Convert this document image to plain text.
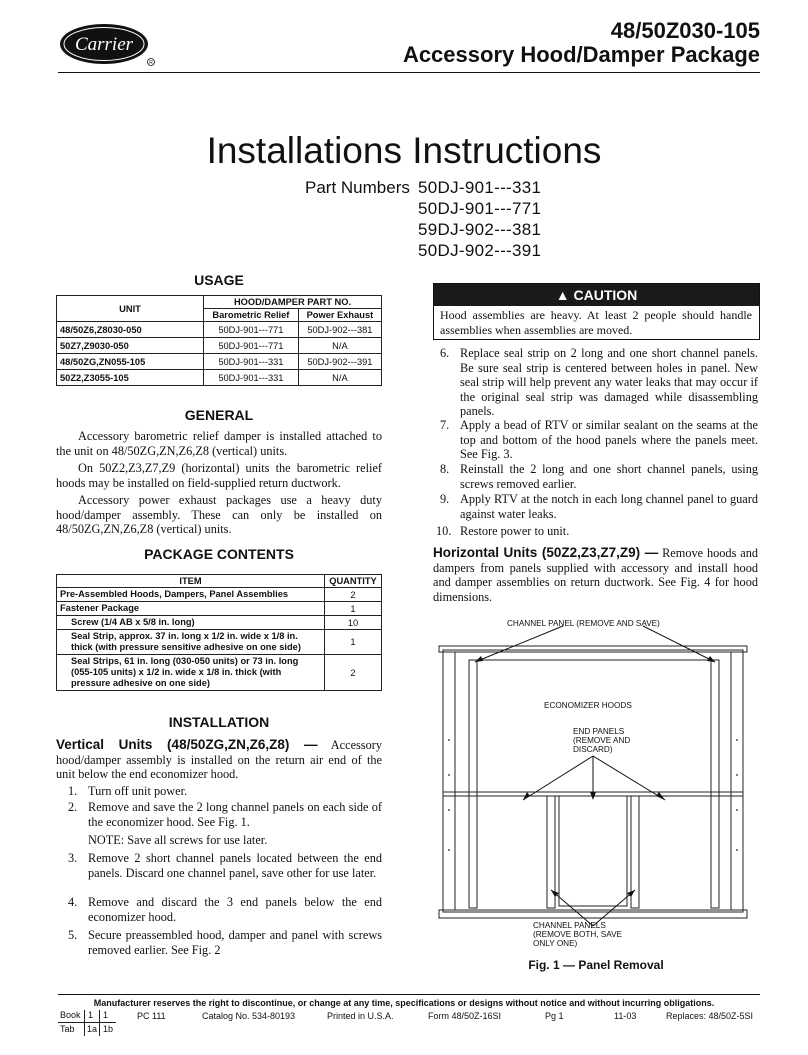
Carrier
R
48/50Z030-105
Accessory Hood/Damper Package
Installations Instructions
Part Numbers 50DJ-901---331
50DJ-901---771
59DJ-902---381
50DJ-902---391
USAGE
UNIT	HOOD/DAMPER PART NO.	
	Barometric Relief	Power Exhaust
48/50Z6,Z8030-050	50DJ-901---771	50DJ-902---381
50Z7,Z9030-050	50DJ-901---771	N/A
48/50ZG,ZN055-105	50DJ-901---331	50DJ-902---391
50Z2,Z3055-105	50DJ-901---331	N/A
GENERAL
Accessory barometric relief damper is installed attached to the unit on 48/50ZG,ZN,Z6,Z8 (vertical) units.
On 50Z2,Z3,Z7,Z9 (horizontal) units the barometric relief hoods may be installed on field-supplied return ductwork.
Accessory power exhaust packages use a heavy duty hood/damper assembly. These can only be installed on 48/50ZG,ZN,Z6,Z8 (vertical) units.
PACKAGE CONTENTS
ITEM	QUANTITY
Pre-Assembled Hoods, Dampers, Panel Assemblies	2
Fastener Package	1
Screw (1/4 AB x 5/8 in. long)	10
Seal Strip, approx. 37 in. long x 1/2 in. wide x 1/8 in. thick (with pressure sensitive adhesive on one side)	1
Seal Strips, 61 in. long (030-050 units) or 73 in. long (055-105 units) x 1/2 in. wide x 1/8 in. thick (with pressure adhesive on one side)	2
INSTALLATION
Vertical Units (48/50ZG,ZN,Z6,Z8) — Accessory hood/damper assembly is installed on the return air end of the unit below the end economizer hood.
1. Turn off unit power.
2. Remove and save the 2 long channel panels on each side of the economizer hood. See Fig. 1.
NOTE: Save all screws for use later.
3. Remove 2 short channel panels located between the end panels. Discard one channel panel, save other for use later.
4. Remove and discard the 3 end panels below the end economizer hood.
5. Secure preassembled hood, damper and panel with screws removed earlier. See Fig. 2
▲ CAUTION
Hood assemblies are heavy. At least 2 people should handle assemblies when assemblies are moved.
6. Replace seal strip on 2 long and one short channel panels. Be sure seal strip is centered between holes in panel. New seal strip will help prevent any water leaks that may occur if the original seal strip was damaged while disassembling panels.
7. Apply a bead of RTV or similar sealant on the seams at the top and bottom of the hood panels where the panels meet. See Fig. 3.
8. Reinstall the 2 long and one short channel panels, using screws removed earlier.
9. Apply RTV at the notch in each long channel panel to guard against water leaks.
10. Restore power to unit.
Horizontal Units (50Z2,Z3,Z7,Z9) — Remove hoods and dampers from panels supplied with accessory and install hood and damper assemblies on return ductwork. See Fig. 4 for hood dimensions.
CHANNEL PANEL (REMOVE AND SAVE)
ECONOMIZER HOODS
END PANELS
(REMOVE AND
DISCARD)
CHANNEL PANELS
(REMOVE BOTH, SAVE
ONLY ONE)
Fig. 1 — Panel Removal
Manufacturer reserves the right to discontinue, or change at any time, specifications or designs without notice and without incurring obligations.
Book 1 1
Tab 1a 1b
PC 111	Catalog No. 534-80193	Printed in U.S.A.	Form 48/50Z-16SI	Pg 1	11-03	Replaces: 48/50Z-5SI
